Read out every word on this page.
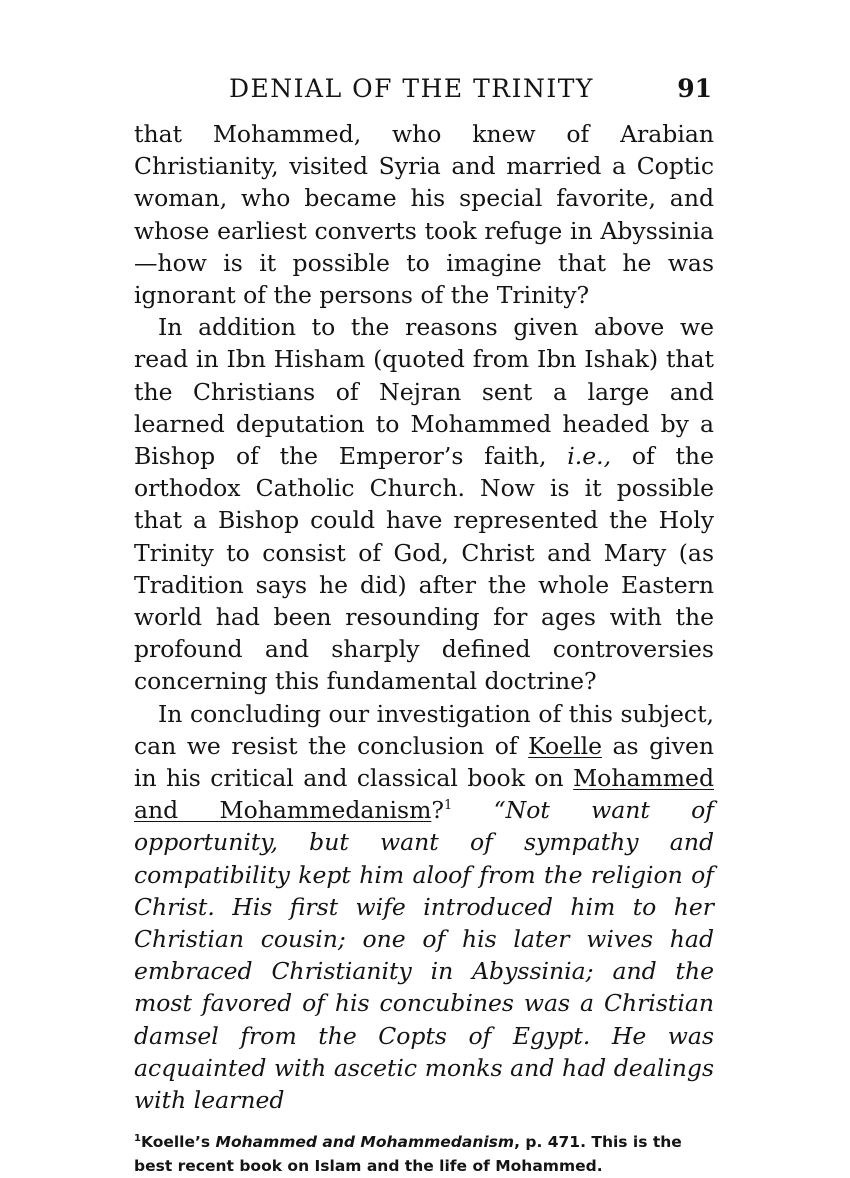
DENIAL OF THE TRINITY	91

that Mohammed, who knew of Arabian Christianity, visited Syria and married a Coptic woman, who became his special favorite, and whose earliest converts took refuge in Abyssinia—how is it possible to imagine that he was ignorant of the persons of the Trinity?

In addition to the reasons given above we read in Ibn Hisham (quoted from Ibn Ishak) that the Christians of Nejran sent a large and learned deputation to Mohammed headed by a Bishop of the Emperor’s faith, i.e., of the orthodox Catholic Church. Now is it possible that a Bishop could have represented the Holy Trinity to consist of God, Christ and Mary (as Tradition says he did) after the whole Eastern world had been resounding for ages with the profound and sharply defined controversies concerning this fundamental doctrine?

In concluding our investigation of this subject, can we resist the conclusion of Koelle as given in his critical and classical book on Mohammed and Mohammedanism?$^1$ “Not want of opportunity, but want of sympathy and compatibility kept him aloof from the religion of Christ. His first wife introduced him to her Christian cousin; one of his later wives had embraced Christianity in Abyssinia; and the most favored of his concubines was a Christian damsel from the Copts of Egypt. He was acquainted with ascetic monks and had dealings with learned

$^1$Koelle’s Mohammed and Mohammedanism, p. 471. This is the best recent book on Islam and the life of Mohammed.
